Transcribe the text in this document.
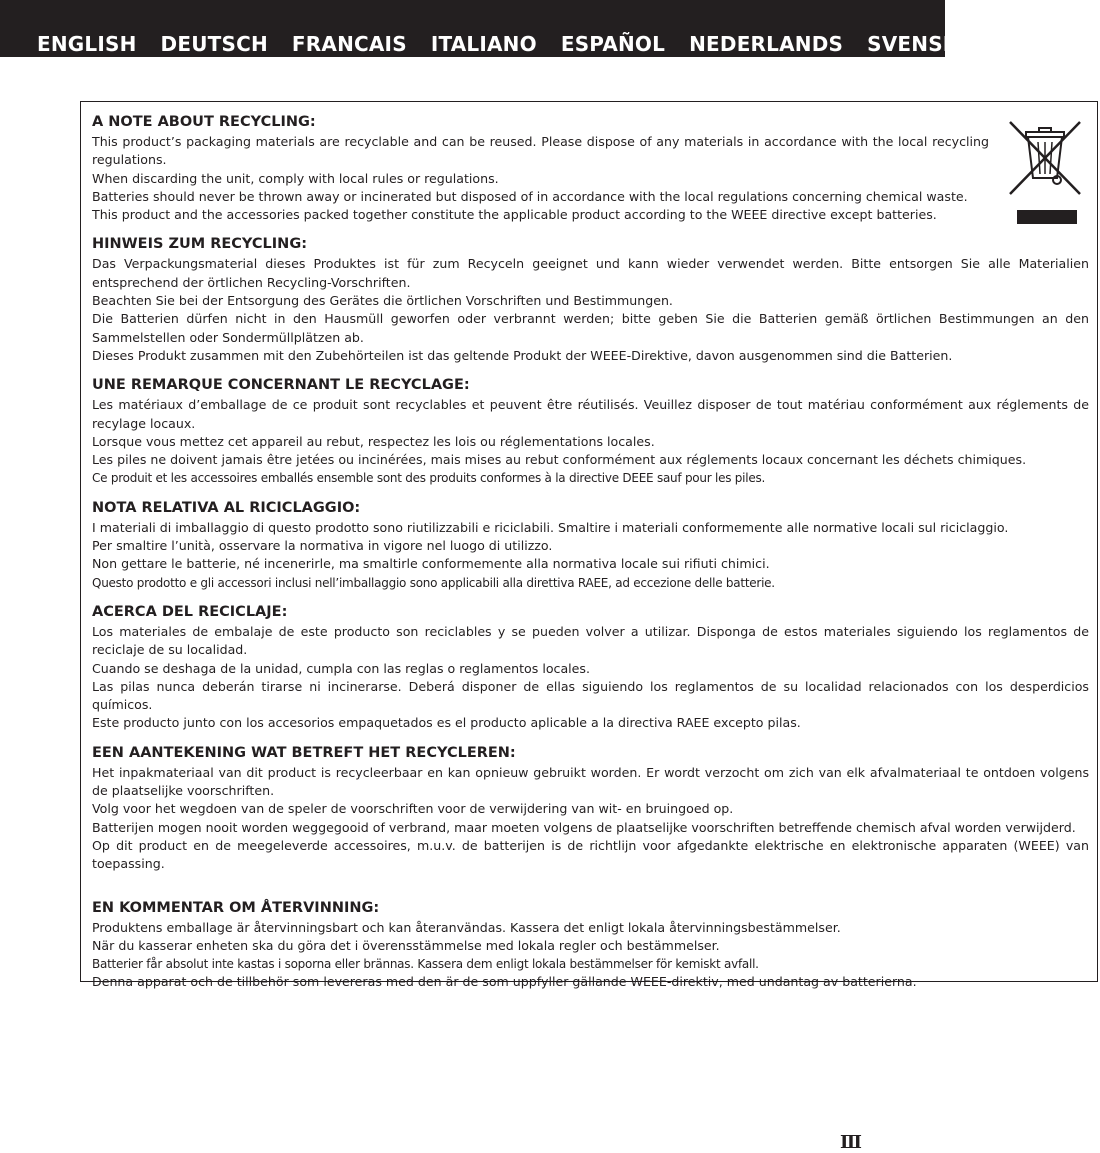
ENGLISH DEUTSCH FRANCAIS ITALIANO ESPAÑOL NEDERLANDS SVENSKA
A NOTE ABOUT RECYCLING:

This product’s packaging materials are recyclable and can be reused. Please dispose of any materials in accordance with the local recycling regulations.

When discarding the unit, comply with local rules or regulations.

Batteries should never be thrown away or incinerated but disposed of in accordance with the local regulations concerning chemical waste.

This product and the accessories packed together constitute the applicable product according to the WEEE directive except batteries.

HINWEIS ZUM RECYCLING:

Das Verpackungsmaterial dieses Produktes ist für zum Recyceln geeignet und kann wieder verwendet werden. Bitte entsorgen Sie alle Materialien entsprechend der örtlichen Recycling-Vorschriften.

Beachten Sie bei der Entsorgung des Gerätes die örtlichen Vorschriften und Bestimmungen.

Die Batterien dürfen nicht in den Hausmüll geworfen oder verbrannt werden; bitte geben Sie die Batterien gemäß örtlichen Bestimmungen an den Sammelstellen oder Sondermüllplätzen ab.

Dieses Produkt zusammen mit den Zubehörteilen ist das geltende Produkt der WEEE-Direktive, davon ausgenommen sind die Batterien.

UNE REMARQUE CONCERNANT LE RECYCLAGE:

Les matériaux d’emballage de ce produit sont recyclables et peuvent être réutilisés. Veuillez disposer de tout matériau conformément aux réglements de recylage locaux.

Lorsque vous mettez cet appareil au rebut, respectez les lois ou réglementations locales.

Les piles ne doivent jamais être jetées ou incinérées, mais mises au rebut conformément aux réglements locaux concernant les déchets chimiques.

Ce produit et les accessoires emballés ensemble sont des produits conformes à la directive DEEE sauf pour les piles.

NOTA RELATIVA AL RICICLAGGIO:

I materiali di imballaggio di questo prodotto sono riutilizzabili e riciclabili. Smaltire i materiali conformemente alle normative locali sul riciclaggio.

Per smaltire l’unità, osservare la normativa in vigore nel luogo di utilizzo.

Non gettare le batterie, né incenerirle, ma smaltirle conformemente alla normativa locale sui rifiuti chimici.

Questo prodotto e gli accessori inclusi nell’imballaggio sono applicabili alla direttiva RAEE, ad eccezione delle batterie.

ACERCA DEL RECICLAJE:

Los materiales de embalaje de este producto son reciclables y se pueden volver a utilizar. Disponga de estos materiales siguiendo los reglamentos de reciclaje de su localidad.

Cuando se deshaga de la unidad, cumpla con las reglas o reglamentos locales.

Las pilas nunca deberán tirarse ni incinerarse. Deberá disponer de ellas siguiendo los reglamentos de su localidad relacionados con los desperdicios químicos.

Este producto junto con los accesorios empaquetados es el producto aplicable a la directiva RAEE excepto pilas.

EEN AANTEKENING WAT BETREFT HET RECYCLEREN:

Het inpakmateriaal van dit product is recycleerbaar en kan opnieuw gebruikt worden. Er wordt verzocht om zich van elk afvalmateriaal te ontdoen volgens de plaatselijke voorschriften.

Volg voor het wegdoen van de speler de voorschriften voor de verwijdering van wit- en bruingoed op.

Batterijen mogen nooit worden weggegooid of verbrand, maar moeten volgens de plaatselijke voorschriften betreffende chemisch afval worden verwijderd.

Op dit product en de meegeleverde accessoires, m.u.v. de batterijen is de richtlijn voor afgedankte elektrische en elektronische apparaten (WEEE) van toepassing.

EN KOMMENTAR OM ÅTERVINNING:

Produktens emballage är återvinningsbart och kan återanvändas. Kassera det enligt lokala återvinningsbestämmelser.

När du kasserar enheten ska du göra det i överensstämmelse med lokala regler och bestämmelser.

Batterier får absolut inte kastas i soporna eller brännas. Kassera dem enligt lokala bestämmelser för kemiskt avfall.

Denna apparat och de tillbehör som levereras med den är de som uppfyller gällande WEEE-direktiv, med undantag av batterierna.

Ⅲ
